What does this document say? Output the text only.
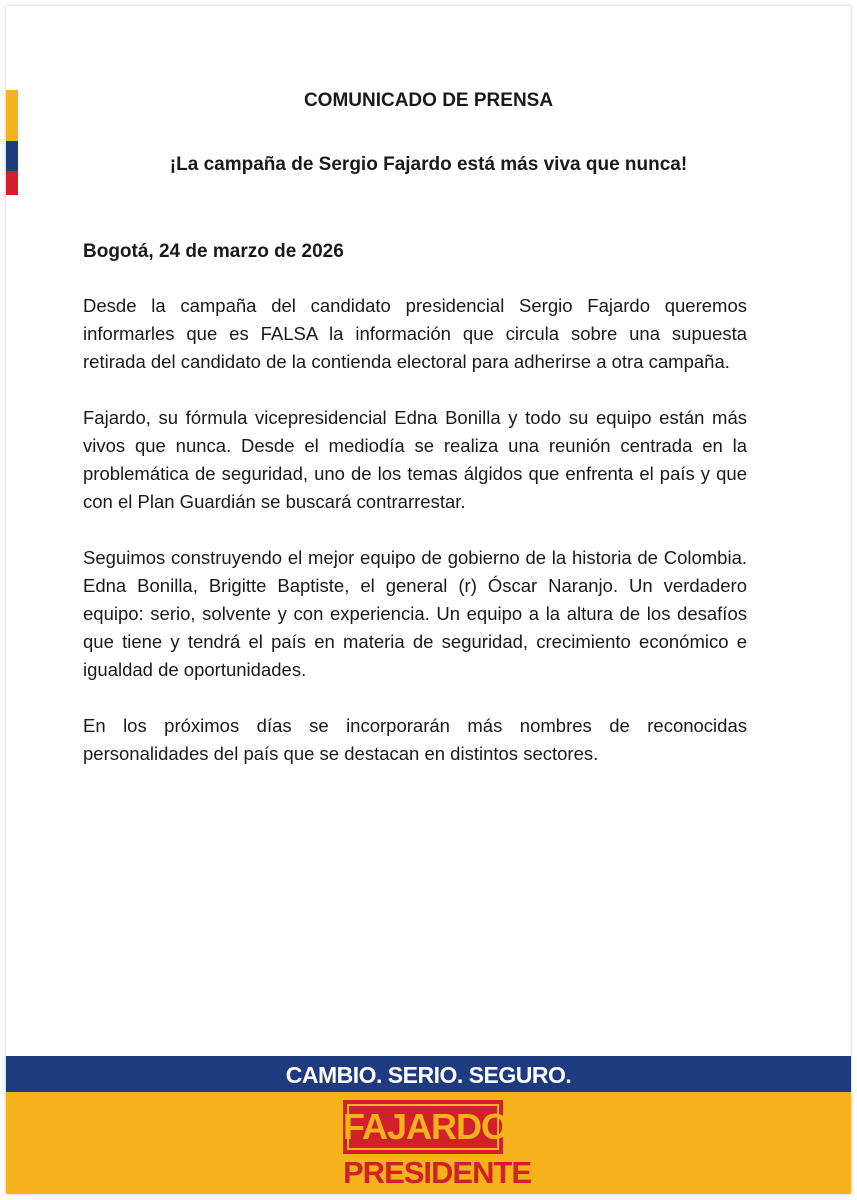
COMUNICADO DE PRENSA
¡La campaña de Sergio Fajardo está más viva que nunca!

Bogotá, 24 de marzo de 2026

Desde la campaña del candidato presidencial Sergio Fajardo queremos informarles que es FALSA la información que circula sobre una supuesta retirada del candidato de la contienda electoral para adherirse a otra campaña.

Fajardo, su fórmula vicepresidencial Edna Bonilla y todo su equipo están más vivos que nunca. Desde el mediodía se realiza una reunión centrada en la problemática de seguridad, uno de los temas álgidos que enfrenta el país y que con el Plan Guardián se buscará contrarrestar.

Seguimos construyendo el mejor equipo de gobierno de la historia de Colombia. Edna Bonilla, Brigitte Baptiste, el general (r) Óscar Naranjo. Un verdadero equipo: serio, solvente y con experiencia. Un equipo a la altura de los desafíos que tiene y tendrá el país en materia de seguridad, crecimiento económico e igualdad de oportunidades.

En los próximos días se incorporarán más nombres de reconocidas personalidades del país que se destacan en distintos sectores.

CAMBIO. SERIO. SEGURO.
FAJARDO
PRESIDENTE
